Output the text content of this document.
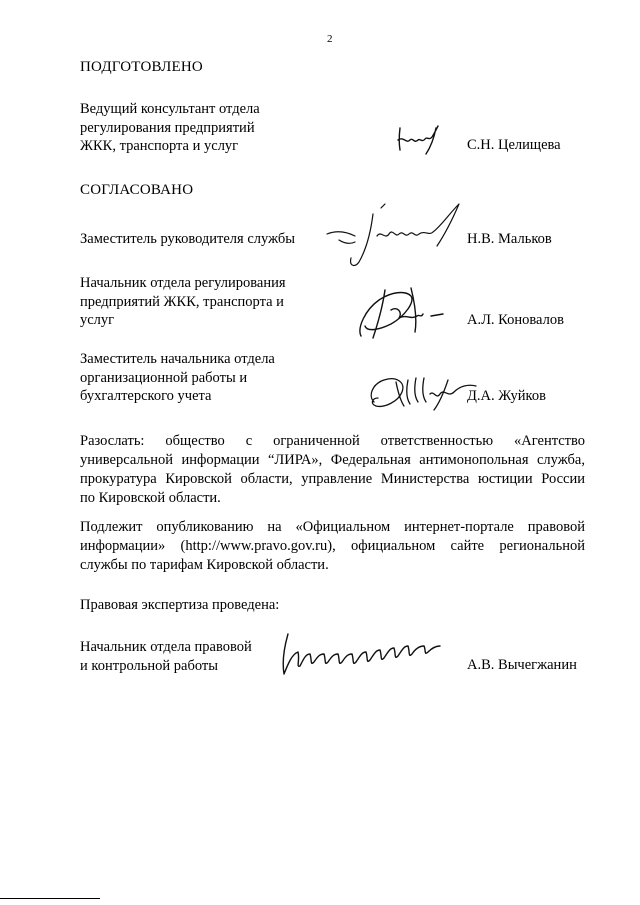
2
ПОДГОТОВЛЕНО
Ведущий консультант отдела
регулирования предприятий
ЖКК, транспорта и услуг	С.Н. Целищева
СОГЛАСОВАНО
Заместитель руководителя службы	Н.В. Мальков
Начальник отдела регулирования
предприятий ЖКК, транспорта и
услуг	А.Л. Коновалов
Заместитель начальника отдела
организационной работы и
бухгалтерского учета	Д.А. Жуйков
Разослать: общество с ограниченной ответственностью «Агентство
универсальной информации “ЛИРА», Федеральная антимонопольная служба,
прокуратура Кировской области, управление Министерства юстиции России
по Кировской области.
Подлежит опубликованию на «Официальном интернет-портале правовой
информации» (http://www.pravo.gov.ru), официальном сайте региональной
службы по тарифам Кировской области.
Правовая экспертиза проведена:
Начальник отдела правовой
и контрольной работы	А.В. Вычегжанин
